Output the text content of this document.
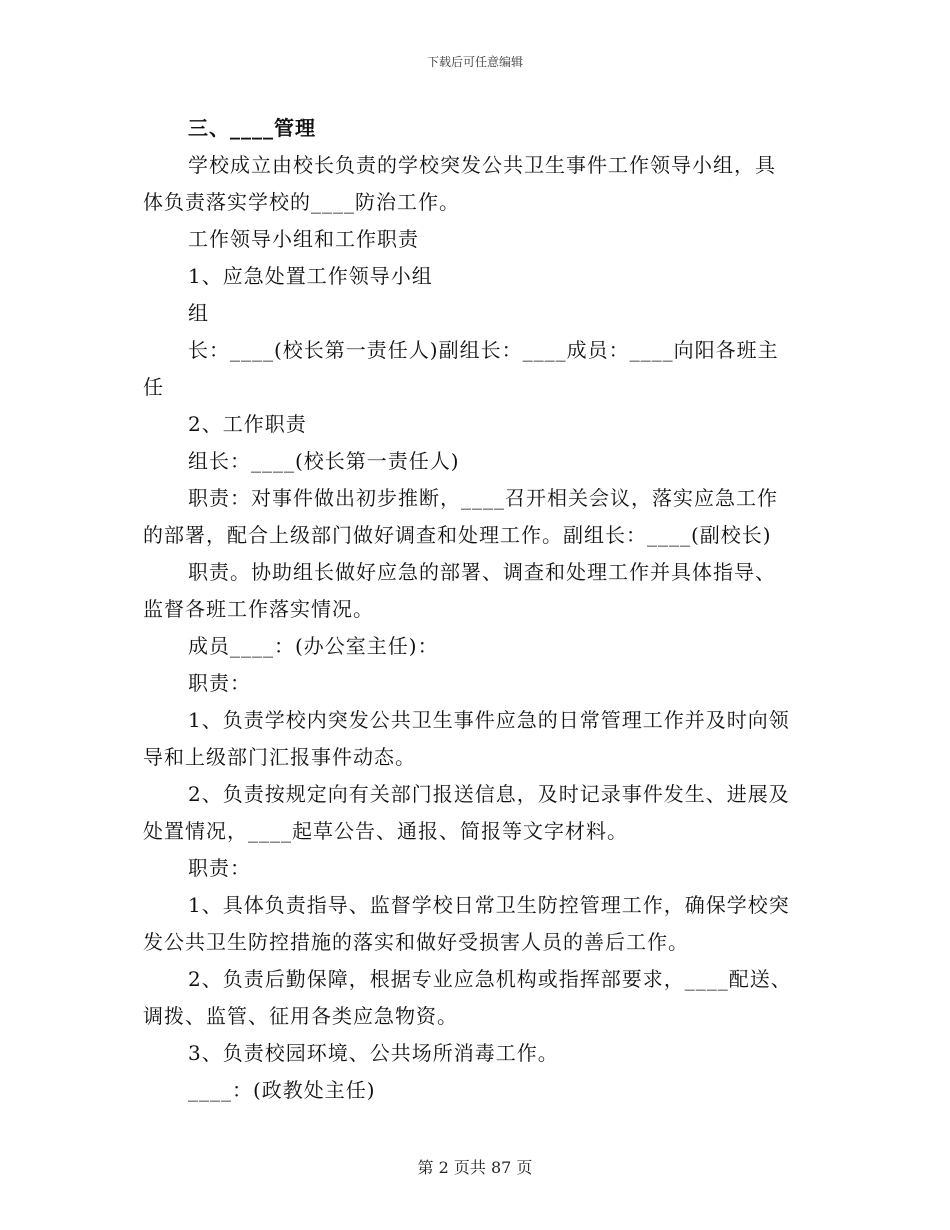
下载后可任意编辑

三、____管理

学校成立由校长负责的学校突发公共卫生事件工作领导小组，具

体负责落实学校的____防治工作。

工作领导小组和工作职责

1、应急处置工作领导小组

组

长：____(校长第一责任人)副组长：____成员：____向阳各班主

任

2、工作职责

组长：____(校长第一责任人)

职责：对事件做出初步推断，____召开相关会议，落实应急工作

的部署，配合上级部门做好调查和处理工作。副组长：____(副校长)

职责。协助组长做好应急的部署、调查和处理工作并具体指导、

监督各班工作落实情况。

成员____：(办公室主任)：

职责：

1、负责学校内突发公共卫生事件应急的日常管理工作并及时向领

导和上级部门汇报事件动态。

2、负责按规定向有关部门报送信息，及时记录事件发生、进展及

处置情况，____起草公告、通报、简报等文字材料。

职责：

1、具体负责指导、监督学校日常卫生防控管理工作，确保学校突

发公共卫生防控措施的落实和做好受损害人员的善后工作。

2、负责后勤保障，根据专业应急机构或指挥部要求，____配送、

调拨、监管、征用各类应急物资。

3、负责校园环境、公共场所消毒工作。

____：(政教处主任)

第 2 页共 87 页
